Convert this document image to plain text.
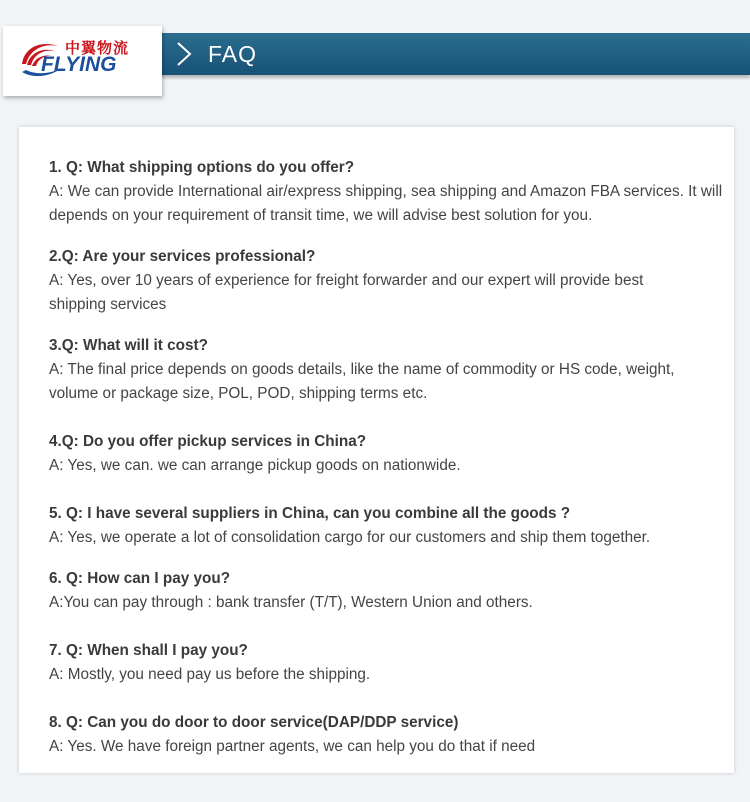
FAQ
中翼物流
FLYING
1. Q: What shipping options do you offer?
A: We can provide International air/express shipping, sea shipping and Amazon FBA services. It will depends on your requirement of transit time, we will advise best solution for you.
2.Q: Are your services professional?
A: Yes, over 10 years of experience for freight forwarder and our expert will provide best shipping services
3.Q: What will it cost?
A: The final price depends on goods details, like the name of commodity or HS code, weight, volume or package size, POL, POD, shipping terms etc.
4.Q: Do you offer pickup services in China?
A: Yes, we can. we can arrange pickup goods on nationwide.
5. Q: I have several suppliers in China, can you combine all the goods ?
A: Yes, we operate a lot of consolidation cargo for our customers and ship them together.
6. Q: How can I pay you?
A:You can pay through : bank transfer (T/T), Western Union and others.
7. Q: When shall I pay you?
A: Mostly, you need pay us before the shipping.
8. Q: Can you do door to door service(DAP/DDP service)
A: Yes. We have foreign partner agents, we can help you do that if need
